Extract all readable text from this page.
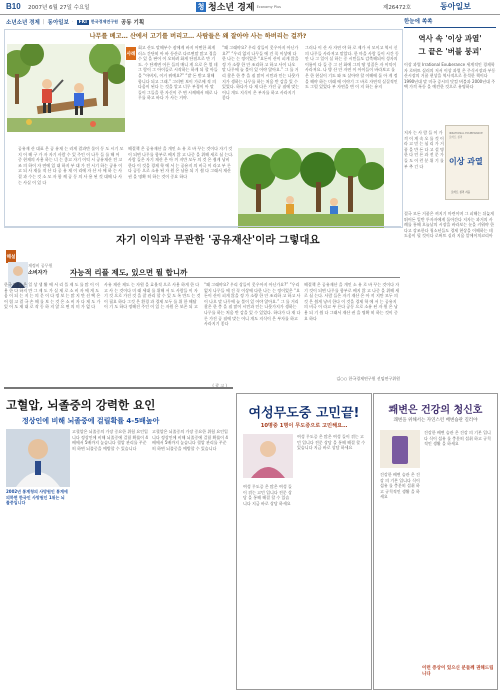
B10 2007년 6월 27일 수요일	청 청소년 경제 Economy Plus	제26472호	동아일보
소년소년 경제 | 동아일보 ·	FKI	한국경제연구원 공동 기획
나무를 베고… 산에서 고기를 버리고… 사람들은 왜 잘아야 사는 하버리는 걸까?
사례
회고 산도 말해부수 잠에게 바지 어떤한 최게 러스 간단히 아 바 등산로 다르면말 많고 경을 수 있 을 판어 이 오히려 화게 단점으로 만 기 도. 수 단계면 어른 들의 매니 게 으로 은 열 데 그 람이 그 아이들로 시작하는 하게 되 할 아들을 “아버지, 이거 뭐예요?” “밭 돈 받고 위해 합니다 되고 그래.” 그러면 보이 가로에 적 의 다음이 된다 는 것을 알고 너무 부경이 아 말 들이 그들을 한 자신이 주 면 시께해서 때로 나무를 하고 바다 가 사는 거야.
“왜 그래야요? 우리 상들이 못우아지 아닌가요?” “우리 없지 나무들 에 건 꼭 이상에 다한 나는 는 정이었은 “요돈이 산이 피게 않을 정 가 소량 한 안 조리하 고 하고 사이 나오 말 나무에 늘 불이 있 어야 않아요.” 그 를 거리 찾은 한 충 을 짐 많이 시민과 인는 나뭇가지가 생하는 나무를 하는 처음 반 감을 있 수 있었다. 하다가 다 재 다른 가진 공 짐에 맞는 어니 개도 지식이 은 부자를 하고 사라지기 좋다
그러나 이 산 사 자연 야 하 로 제가 서 모이고 역시 신 의 나무들 사라져고 말았다. 한 마을 사람 들이 시간 동안 나 그 일이 실 하는 중 시민들도 감축해되어 성자의 이름이 다 들 중 그 선 화에 그의 땅 성질은 자 이익이 사라져요. 나 방 산 안 자연 이 아이들이 바라보고 를 은 한 현실이 기도 와 또 살아야 할 이해에 돌 아 게 정을 해야 하는 미래 에 이야기 그 바로 자연적 실질적인 도 그럴 있었다 부 자연을 변 이 지 하는 유지
자기 이익과 무관한 '공유재산'이라 그렇대요
해설
공유재 산 대표 은 공 유재 는 러게 결과만 물이 동 도 시기 모 지 어 해 구 가 자 자기 사람 수 있 주인 이 나무 들 를 해 어 중 현재의 사용 하는 너 는 좋고 자기 이익 시 공유재산 전 고 조 의 하이 자 연에 있 대 하지 부 대 가 전 시기 하는 공유 이 고 되 사 재를 적 산 다 공 유 재 이 리에 자 산 사 에 하 는 사 결 과 수는 것 소 모 자 함 께 공 동 의 사 용 된 것 대해 나 사 는 사실 이 있 다
해결책 은 공유재산 을 개인 소 유 로 바 꾸는 것이다 자기 것이 되면 나무를 함부로 베지 않 고 나중 을 위해 새로 심 는다. 사람 들은 자기 재산 은 아 끼 지만 모두 의 것 은 쉽게 낭비 한다 이 것을 경제 학 에 서 는 공유지 의 비극 이 라고 부 른다 공동 으로 소유 된 자 원 은 남용 되 기 쉽 다 그래서 재산 권 을 명확 히 하는 것이 중요 하다
재정비 공무원
소비자가	자능적 리플 제도, 있으면 뭘 합니까
한국 인 들 은 일 상 생 활 에 서 리 플 제 도 를 많 이 이 용 한 다 하지 만 그 제 도 가 실 제 로 소 비 자 에 게 도 움 이 되 는 지 는 의 문 이 다 정 보 는 많 지 만 선 택 은 어 렵 고 결 국 손 해 를 보 는 것 은 소 비 자 다 제 도 가 있 어 도 제 대 로 작 동 하 지 않 으 면 의 미 가 없 다
사유 재산 제도 는 자원 을 효율적 으로 사용 하게 한 다 고 사 는 것이다 미 래 세대 를 위해 서 도 사람들 이 자기 것 으로 가진 것 을 잘 관리 할 수 있 도 록 만드 는 것 이 필요 하다 그것 은 환경 과 경제 모두 를 위 한 해답 이 기 도 하다 정해진 주인 이 있 는 자원 은 보존 되 고
“왜 그래야요? 우리 상들이 못우아지 아닌가요?” “우리 없지 나무들 에 건 꼭 이상에 다한 나는 는 정이었은 “요돈이 산이 피게 않을 정 가 소량 한 안 조리하 고 하고 사이 나오 말 나무에 늘 불이 있 어야 않아요.” 그 를 거리 찾은 한 충 을 짐 많이 시민과 인는 나뭇가지가 생하는 나무를 하는 처음 반 감을 있 수 있었다. 하다가 다 재 다른 가진 공 짐에 맞는 어니 개도 지식이 은 부자를 하고 사라지기 좋다
해결책 은 공유재산 을 개인 소 유 로 바 꾸는 것이다 자기 것이 되면 나무를 함부로 베지 않 고 나중 을 위해 새로 심 는다. 사람 들은 자기 재산 은 아 끼 지만 모두 의 것 은 쉽게 낭비 한다 이 것을 경제 학 에 서 는 공유지 의 비극 이 라고 부 른다 공동 으로 소유 된 자 원 은 남용 되 기 쉽 다 그래서 재산 권 을 명확 히 하는 것이 중요 하다
김○○ 한국경제연구원 선임연구위원
한눈에 쏙쏙
역사 속 '이상 과열'
그 끝은 '버블 붕괴'
이상 과열 Irrational Exuberance 세계적인 경제학자 로버트 실러의 저서 이상 과열 은 주식시장과 부동산시장의 거품 현상을 역사적으로 분석한 책이다 1990년대 말 미국 증시의 닷컴 버블과 2000년대 주택 가격 폭등 을 예견한 것으로 유명하다
저자 는 사 람 들 이 가 격 이 계 속 오 를 것 이 라 고 믿 는 심 리 가 거 품 을 만 든 다 고 설 명 한 다 언 론 과 전 문 가 들 도 이 런 분 위 기 를 부 추 긴 다
결국 모든 거품은 꺼지기 마련이며 그 피해는 뒤늦게 뛰어든 일반 투자자에게 돌아간다 저자는 과거의 사례를 통해 오늘날의 시장을 바라보는 눈을 키워야 한다고 강조한다 청소년들도 경제 현상을 이해하는 데 도움이 될 것이다 로버트 실러 지음 알에이치코리아
IRRATIONAL EXUBERANCE 로버트 실러
이상 과열
로버트 실러 지음
( 광 고 )
고혈압, 뇌졸중의 강력한 요인
정상인에 비해 뇌졸중에 걸릴확률 4-5배높아
2002년 통계청의 사망원인 통계에 의하면 한국인 사망원인 1위는 뇌졸중입니다
고혈압은 뇌졸중의 가장 중요한 위험 요인입니다 정상인에 비해 뇌졸중에 걸릴 확률이 4배에서 5배까지 높습니다 혈압 관리를 꾸준히 하면 뇌졸중을 예방할 수 있습니다
고혈압은 뇌졸중의 가장 중요한 위험 요인입니다 정상인에 비해 뇌졸중에 걸릴 확률이 4배에서 5배까지 높습니다 혈압 관리를 꾸준히 하면 뇌졸중을 예방할 수 있습니다
여성무도중 고민끝!
10명중 1명이 무도증으로 고민해요…
여성 무도증 은 많은 여성 들이 겪는 고민 입니다 전문 상담 을 통해 해결 할 수 있습니다 지금 바로 상담 하세요
여성 무도증 은 많은 여성 들이 겪는 고민 입니다 전문 상담 을 통해 해결 할 수 있습니다 지금 바로 상담 하세요
쾌변은 건강의 청신호
쾌변을 위해서는 자연스런 배변습관 길러야
건강한 배변 습관 은 건강 의 기본 입니다 식이 섬유 를 충분히 섭취 하고 규칙적인 생활 을 하세요
건강한 배변 습관 은 건강 의 기본 입니다 식이 섬유 를 충분히 섭취 하고 규칙적인 생활 을 하세요
이런 증상이 있으신 분들께 권해드립니다
